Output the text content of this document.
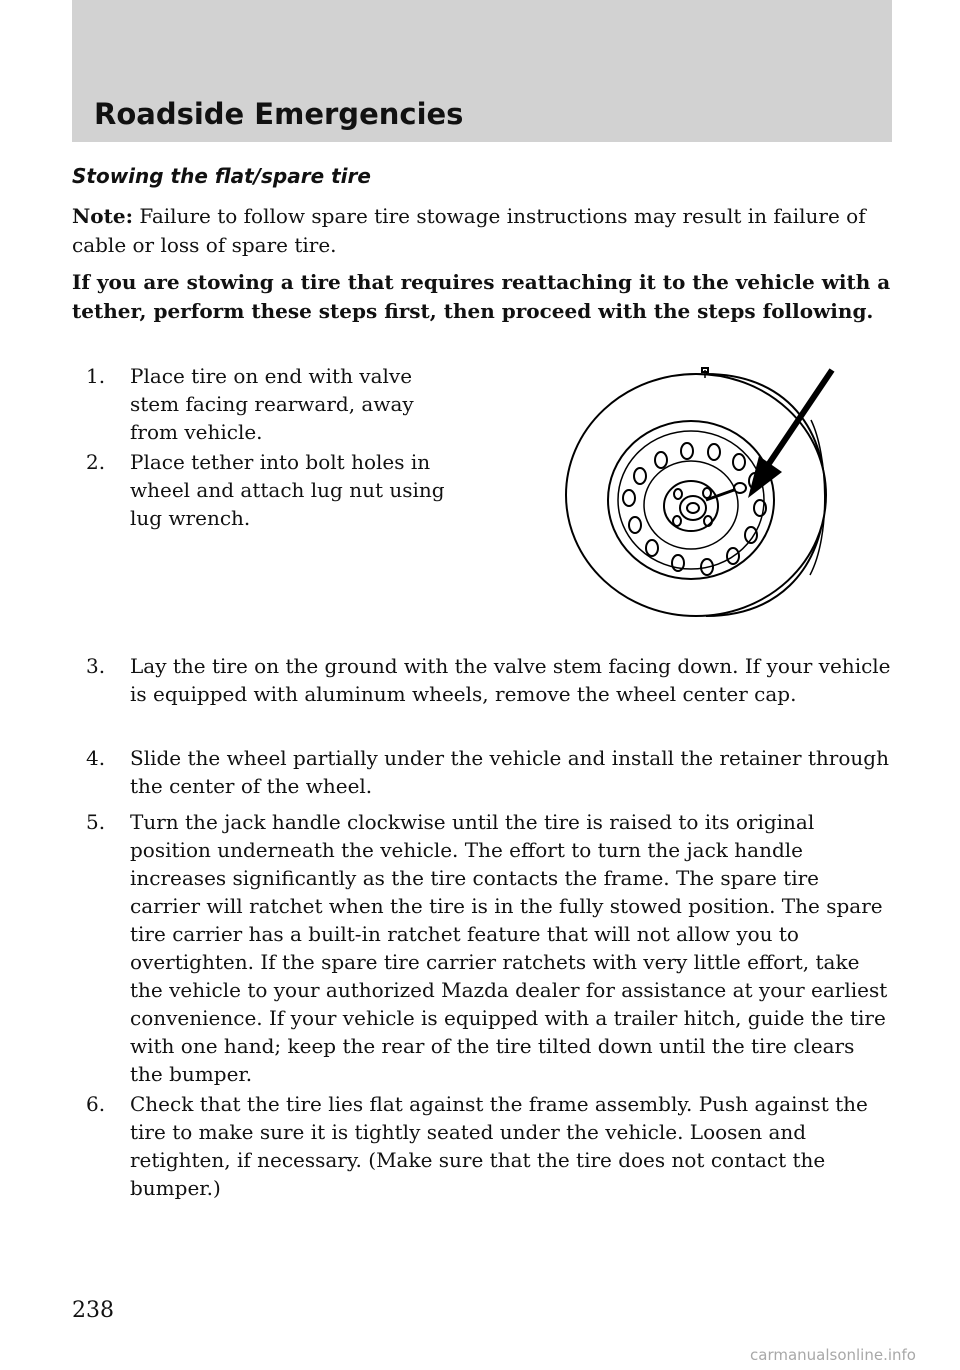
Roadside Emergencies
Stowing the flat/spare tire

Note: Failure to follow spare tire stowage instructions may result in failure of cable or loss of spare tire.

If you are stowing a tire that requires reattaching it to the vehicle with a tether, perform these steps first, then proceed with the steps following.

1. Place tire on end with valve stem facing rearward, away from vehicle.
2. Place tether into bolt holes in wheel and attach lug nut using lug wrench.
3. Lay the tire on the ground with the valve stem facing down. If your vehicle is equipped with aluminum wheels, remove the wheel center cap.
4. Slide the wheel partially under the vehicle and install the retainer through the center of the wheel.
5. Turn the jack handle clockwise until the tire is raised to its original position underneath the vehicle. The effort to turn the jack handle increases significantly as the tire contacts the frame. The spare tire carrier will ratchet when the tire is in the fully stowed position. The spare tire carrier has a built-in ratchet feature that will not allow you to overtighten. If the spare tire carrier ratchets with very little effort, take the vehicle to your authorized Mazda dealer for assistance at your earliest convenience. If your vehicle is equipped with a trailer hitch, guide the tire with one hand; keep the rear of the tire tilted down until the tire clears the bumper.
6. Check that the tire lies flat against the frame assembly. Push against the tire to make sure it is tightly seated under the vehicle. Loosen and retighten, if necessary. (Make sure that the tire does not contact the bumper.)

238

carmanualsonline.info
